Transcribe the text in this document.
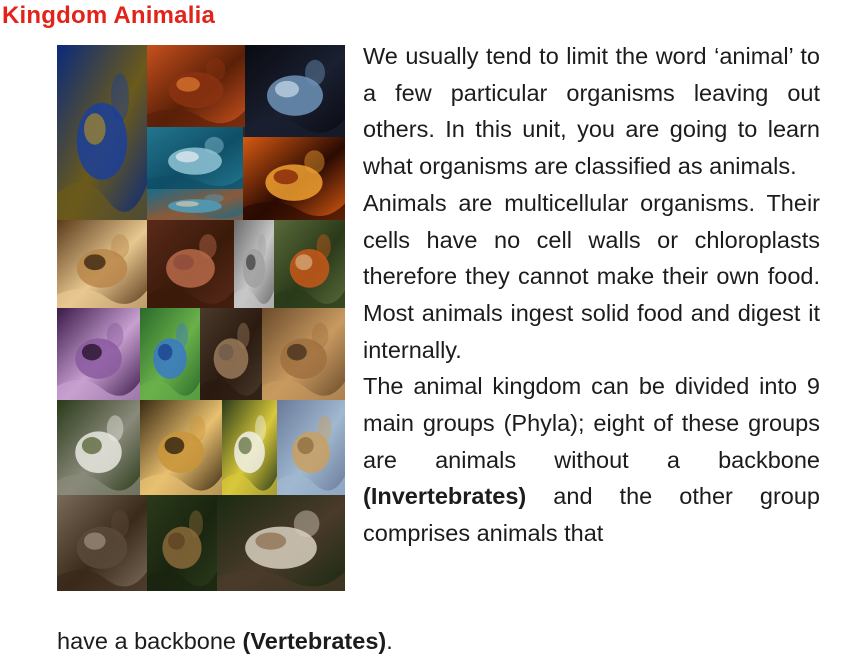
Kingdom Animalia

We usually tend to limit the word ‘animal’ to a few particular organisms leaving out others. In this unit, you are going to learn what organisms are classified as animals.

Animals are multicellular organisms. Their cells have no cell walls or chloroplasts therefore they cannot make their own food. Most animals ingest solid food and digest it internally.

The animal kingdom can be divided into 9 main groups (Phyla); eight of these groups are animals without a backbone (Invertebrates) and the other group comprises animals that

have a backbone (Vertebrates).
